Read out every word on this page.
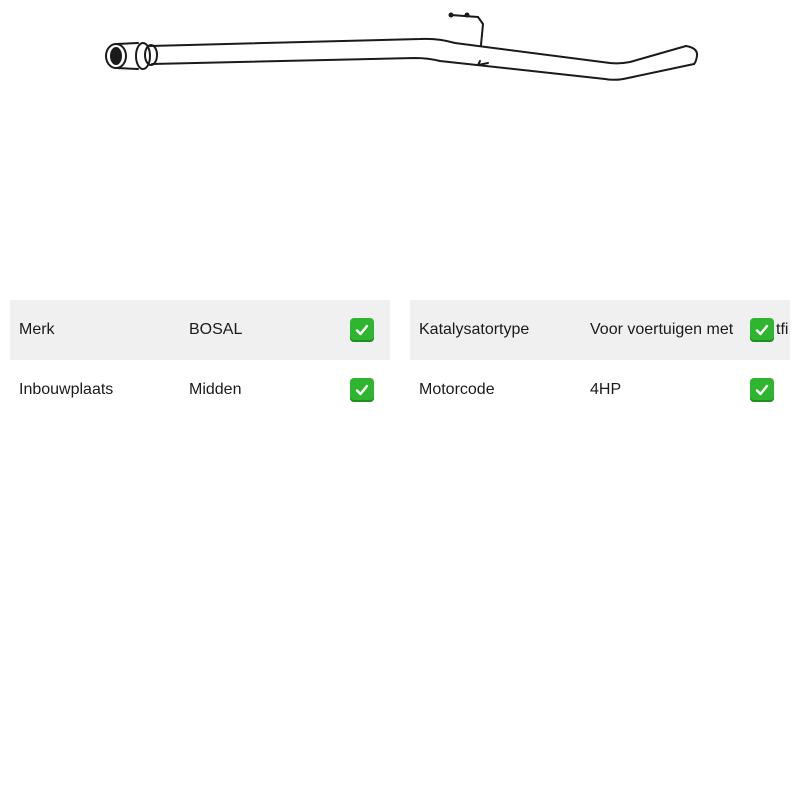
Merk	BOSAL
Inbouwplaats	Midden
Katalysatortype	Voor voertuigen met	tfi
Motorcode	4HP
